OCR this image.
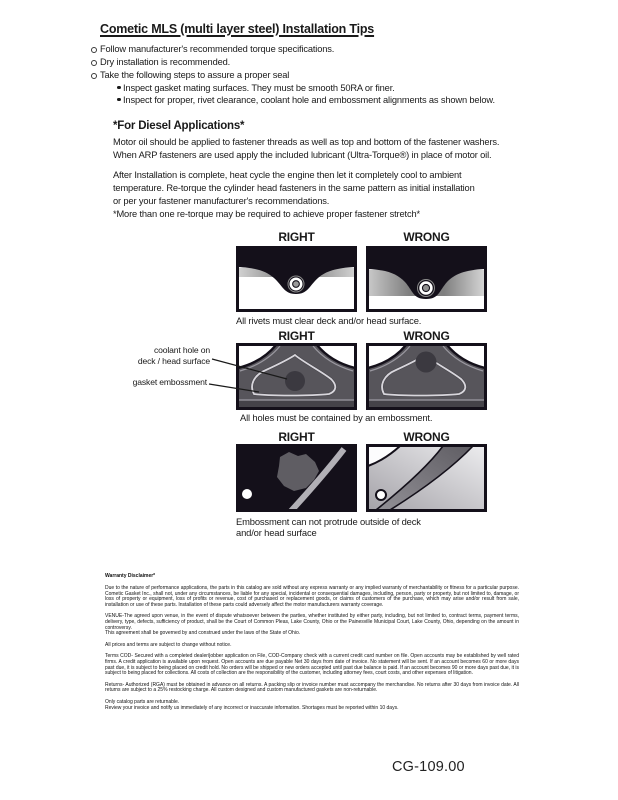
Cometic MLS (multi layer steel) Installation Tips
Follow manufacturer's recommended torque specifications.
Dry installation is recommended.
Take the following steps to assure a proper seal
Inspect gasket mating surfaces. They must be smooth 50RA or finer.
Inspect for proper, rivet clearance, coolant hole and embossment alignments as shown below.
*For Diesel Applications*
Motor oil should be applied to fastener threads as well as top and bottom of the fastener washers.
When ARP fasteners are used apply the included lubricant (Ultra-Torque®) in place of motor oil.
After Installation is complete, heat cycle the engine then let it completely cool to ambient
temperature. Re-torque the cylinder head fasteners in the same pattern as initial installation
or per your fastener manufacturer's recommendations.
*More than one re-torque may be required to achieve proper fastener stretch*
RIGHT	WRONG
All rivets must clear deck and/or head surface.
RIGHT	WRONG
coolant hole on
deck / head surface
gasket embossment
All holes must be contained by an embossment.
RIGHT	WRONG
Embossment can not protrude outside of deck
and/or head surface

Warranty Disclaimer*

Due to the nature of performance applications, the parts in this catalog are sold without any express warranty or any implied warranty of merchantability or fitness for a particular purpose. Cometic Gasket Inc., shall not, under any circumstances, be liable for any special, incidental or consequential damages, including, person, party or property, but not limited to, damage, or loss of property or equipment, loss of profits or revenue, cost of purchased or replacement goods, or claims of customers of the purchase, which may arise and/or result from sale, installation or use of these parts. Installation of these parts could adversely affect the motor manufacturers warranty coverage.

VENUE-The agreed upon venue, in the event of dispute whatsoever between the parties, whether instituted by either party, including, but not limited to, contract terms, payment terms, delivery, type, defects, sufficiency of product, shall be the Court of Common Pleas, Lake County, Ohio or the Painesville Municipal Court, Lake County, Ohio, depending on the amount in controversy.

This agreement shall be governed by and construed under the laws of the State of Ohio.

All prices and terms are subject to change without notice.

Terms COD- Secured with a completed dealer/jobber application on File, COD-Company check with a current credit card number on file. Open accounts may be established by well rated firms. A credit application is available upon request. Open accounts are due payable Net 30 days from date of invoice. No statement will be sent. If an account becomes 60 or more days past due, it is subject to being placed on credit hold. No orders will be shipped or new orders accepted until past due balance is paid. If an account becomes 90 or more days past due, it is subject to being placed for collections. All costs of collection are the responsibility of the customer, including attorney fees, court costs, and other expenses of litigation.

Returns- Authorized (RGA) must be obtained in advance on all returns. A packing slip or invoice number must accompany the merchandise. No returns after 30 days from invoice date. All returns are subject to a 25% restocking charge. All custom designed and custom manufactured gaskets are non-returnable.

Only catalog parts are returnable.

Review your invoice and notify us immediately of any incorrect or inaccurate information. Shortages must be reported within 10 days.

CG-109.00
